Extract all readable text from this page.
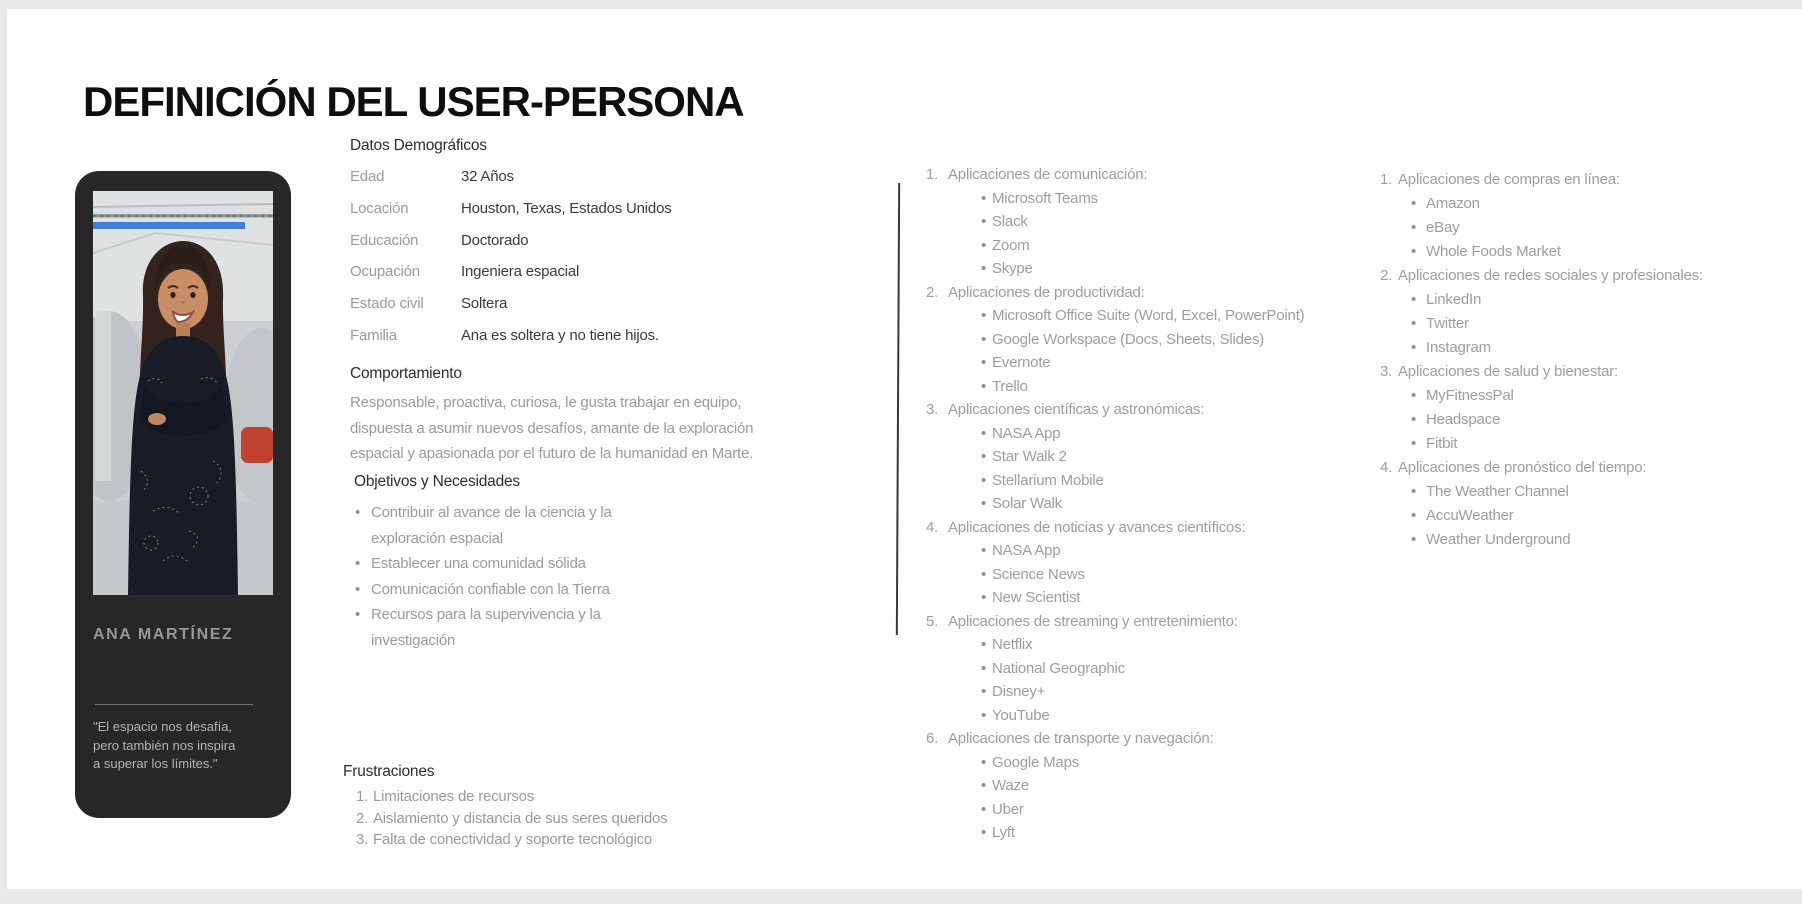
DEFINICIÓN DEL USER-PERSONA
ANA MARTÍNEZ
"El espacio nos desafía, pero también nos inspira a superar los límites."
Datos Demográficos
Edad	32 Años
Locación	Houston, Texas, Estados Unidos
Educación	Doctorado
Ocupación	Ingeniera espacial
Estado civil	Soltera
Familia	Ana es soltera y no tiene hijos.
Comportamiento
Responsable, proactiva, curiosa, le gusta trabajar en equipo, dispuesta a asumir nuevos desafíos, amante de la exploración espacial y apasionada por el futuro de la humanidad en Marte.
Objetivos y Necesidades
• Contribuir al avance de la ciencia y la exploración espacial
• Establecer una comunidad sólida
• Comunicación confiable con la Tierra
• Recursos para la supervivencia y la investigación
Frustraciones
1. Limitaciones de recursos
2. Aislamiento y distancia de sus seres queridos
3. Falta de conectividad y soporte tecnológico
1. Aplicaciones de comunicación:
• Microsoft Teams
• Slack
• Zoom
• Skype
2. Aplicaciones de productividad:
• Microsoft Office Suite (Word, Excel, PowerPoint)
• Google Workspace (Docs, Sheets, Slides)
• Evernote
• Trello
3. Aplicaciones científicas y astronómicas:
• NASA App
• Star Walk 2
• Stellarium Mobile
• Solar Walk
4. Aplicaciones de noticias y avances científicos:
• NASA App
• Science News
• New Scientist
5. Aplicaciones de streaming y entretenimiento:
• Netflix
• National Geographic
• Disney+
• YouTube
6. Aplicaciones de transporte y navegación:
• Google Maps
• Waze
• Uber
• Lyft
1. Aplicaciones de compras en línea:
• Amazon
• eBay
• Whole Foods Market
2. Aplicaciones de redes sociales y profesionales:
• LinkedIn
• Twitter
• Instagram
3. Aplicaciones de salud y bienestar:
• MyFitnessPal
• Headspace
• Fitbit
4. Aplicaciones de pronóstico del tiempo:
• The Weather Channel
• AccuWeather
• Weather Underground
